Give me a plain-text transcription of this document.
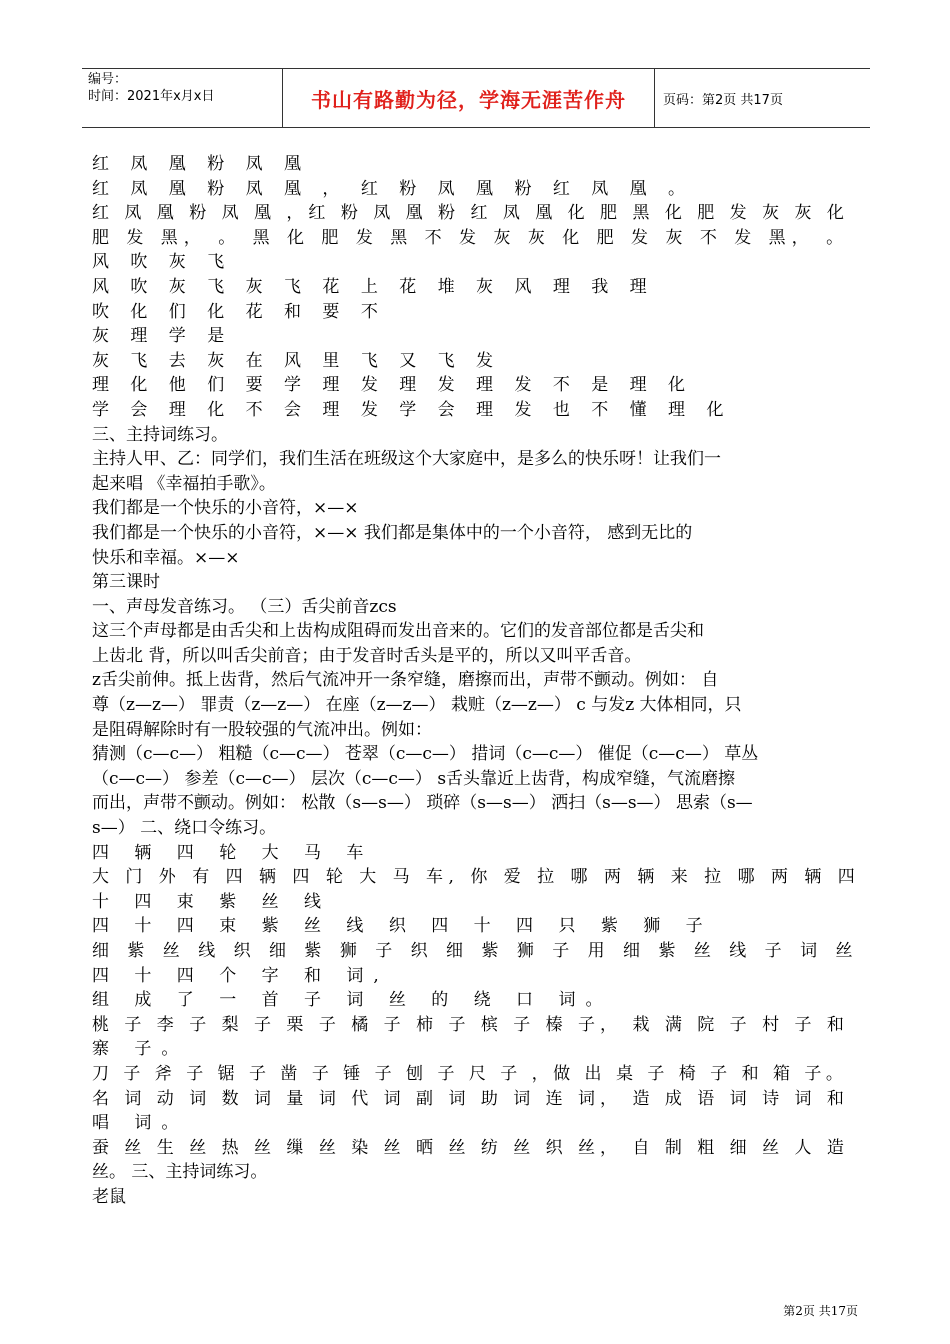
编号：
时间：2021年x月x日	书山有路勤为径，学海无涯苦作舟	页码：第2页 共17页
红 凤 凰 粉 凤 凰
红 凤 凰 粉 凤 凰 ， 红 粉 凤 凰 粉 红 凤 凰 。
红 凤 凰 粉 凤 凰 ，红 粉 凤 凰 粉 红 凤 凰 化 肥 黑 化 肥 发 灰 灰 化
肥 发 黑， 。 黑 化 肥 发 黑 不 发 灰 灰 化 肥 发 灰 不 发 黑， 。
风 吹 灰 飞
风 吹 灰 飞 灰 飞 花 上 花 堆 灰 风 理 我 理
吹 化 们 化 花 和 要 不
灰 理 学 是
灰 飞 去 灰 在 风 里 飞 又 飞 发
理 化 他 们 要 学 理 发 理 发 理 发 不 是 理 化
学 会 理 化 不 会 理 发 学 会 理 发 也 不 懂 理 化
三、主持词练习。
主持人甲、乙：同学们，我们生活在班级这个大家庭中，是多么的快乐呀！让我们一
起来唱 《幸福拍手歌》。
我们都是一个快乐的小音符，×—×
我们都是一个快乐的小音符，×—× 我们都是集体中的一个小音符， 感到无比的
快乐和幸福。×—×
第三课时
一、声母发音练习。 （三）舌尖前音zcs
这三个声母都是由舌尖和上齿构成阻碍而发出音来的。它们的发音部位都是舌尖和
上齿北 背，所以叫舌尖前音；由于发音时舌头是平的，所以又叫平舌音。
z舌尖前伸。抵上齿背，然后气流冲开一条窄缝，磨擦而出，声带不颤动。例如： 自
尊（z—z—） 罪责（z—z—） 在座（z—z—） 栽赃（z—z—） c 与发z 大体相同，只
是阻碍解除时有一股较强的气流冲出。例如：
猜测（c—c—） 粗糙（c—c—） 苍翠（c—c—） 措词（c—c—） 催促（c—c—） 草丛
（c—c—） 参差（c—c—） 层次（c—c—） s舌头靠近上齿背，构成窄缝，气流磨擦
而出，声带不颤动。例如： 松散（s—s—） 琐碎（s—s—） 洒扫（s—s—） 思索（s—
s—） 二、绕口令练习。
四 辆 四 轮 大 马 车
大 门 外 有 四 辆 四 轮 大 马 车, 你 爱 拉 哪 两 辆 来 拉 哪 两 辆 四
十 四 束 紫 丝 线
四 十 四 束 紫 丝 线 织 四 十 四 只 紫 狮 子
细 紫 丝 线 织 细 紫 狮 子 织 细 紫 狮 子 用 细 紫 丝 线 子 词 丝
四 十 四 个 字 和 词,
组 成 了 一 首 子 词 丝 的 绕 口 词。
桃 子 李 子 梨 子 栗 子 橘 子 柿 子 槟 子 榛 子， 栽 满 院 子 村 子 和
寨 子。
刀 子 斧 子 锯 子 凿 子 锤 子 刨 子 尺 子 ，做 出 桌 子 椅 子 和 箱 子。
名 词 动 词 数 词 量 词 代 词 副 词 助 词 连 词， 造 成 语 词 诗 词 和
唱 词。
蚕 丝 生 丝 热 丝 缫 丝 染 丝 晒 丝 纺 丝 织 丝， 自 制 粗 细 丝 人 造
丝。 三、主持词练习。
老鼠
第2页 共17页
